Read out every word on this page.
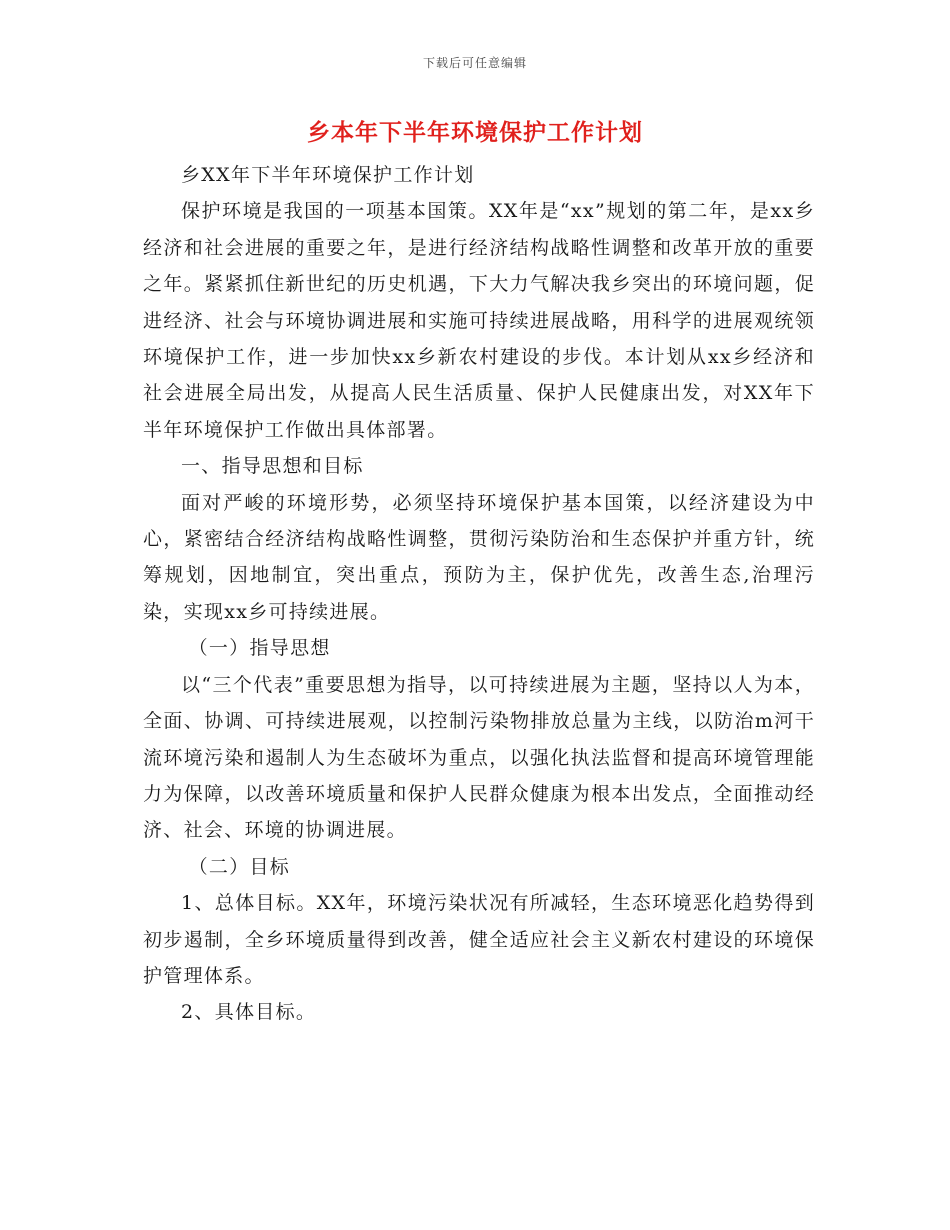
下载后可任意编辑
乡本年下半年环境保护工作计划

乡XX年下半年环境保护工作计划

保护环境是我国的一项基本国策。XX年是“xx”规划的第二年，是xx乡经济和社会进展的重要之年，是进行经济结构战略性调整和改革开放的重要之年。紧紧抓住新世纪的历史机遇，下大力气解决我乡突出的环境问题，促进经济、社会与环境协调进展和实施可持续进展战略，用科学的进展观统领环境保护工作，进一步加快xx乡新农村建设的步伐。本计划从xx乡经济和社会进展全局出发，从提高人民生活质量、保护人民健康出发，对XX年下半年环境保护工作做出具体部署。

一、指导思想和目标

面对严峻的环境形势，必须坚持环境保护基本国策，以经济建设为中心，紧密结合经济结构战略性调整，贯彻污染防治和生态保护并重方针，统筹规划，因地制宜，突出重点，预防为主，保护优先，改善生态,治理污染，实现xx乡可持续进展。

（一）指导思想

以“三个代表”重要思想为指导，以可持续进展为主题，坚持以人为本，全面、协调、可持续进展观，以控制污染物排放总量为主线，以防治m河干流环境污染和遏制人为生态破坏为重点，以强化执法监督和提高环境管理能力为保障，以改善环境质量和保护人民群众健康为根本出发点，全面推动经济、社会、环境的协调进展。

（二）目标

1、总体目标。XX年，环境污染状况有所减轻，生态环境恶化趋势得到初步遏制，全乡环境质量得到改善，健全适应社会主义新农村建设的环境保护管理体系。

2、具体目标。
